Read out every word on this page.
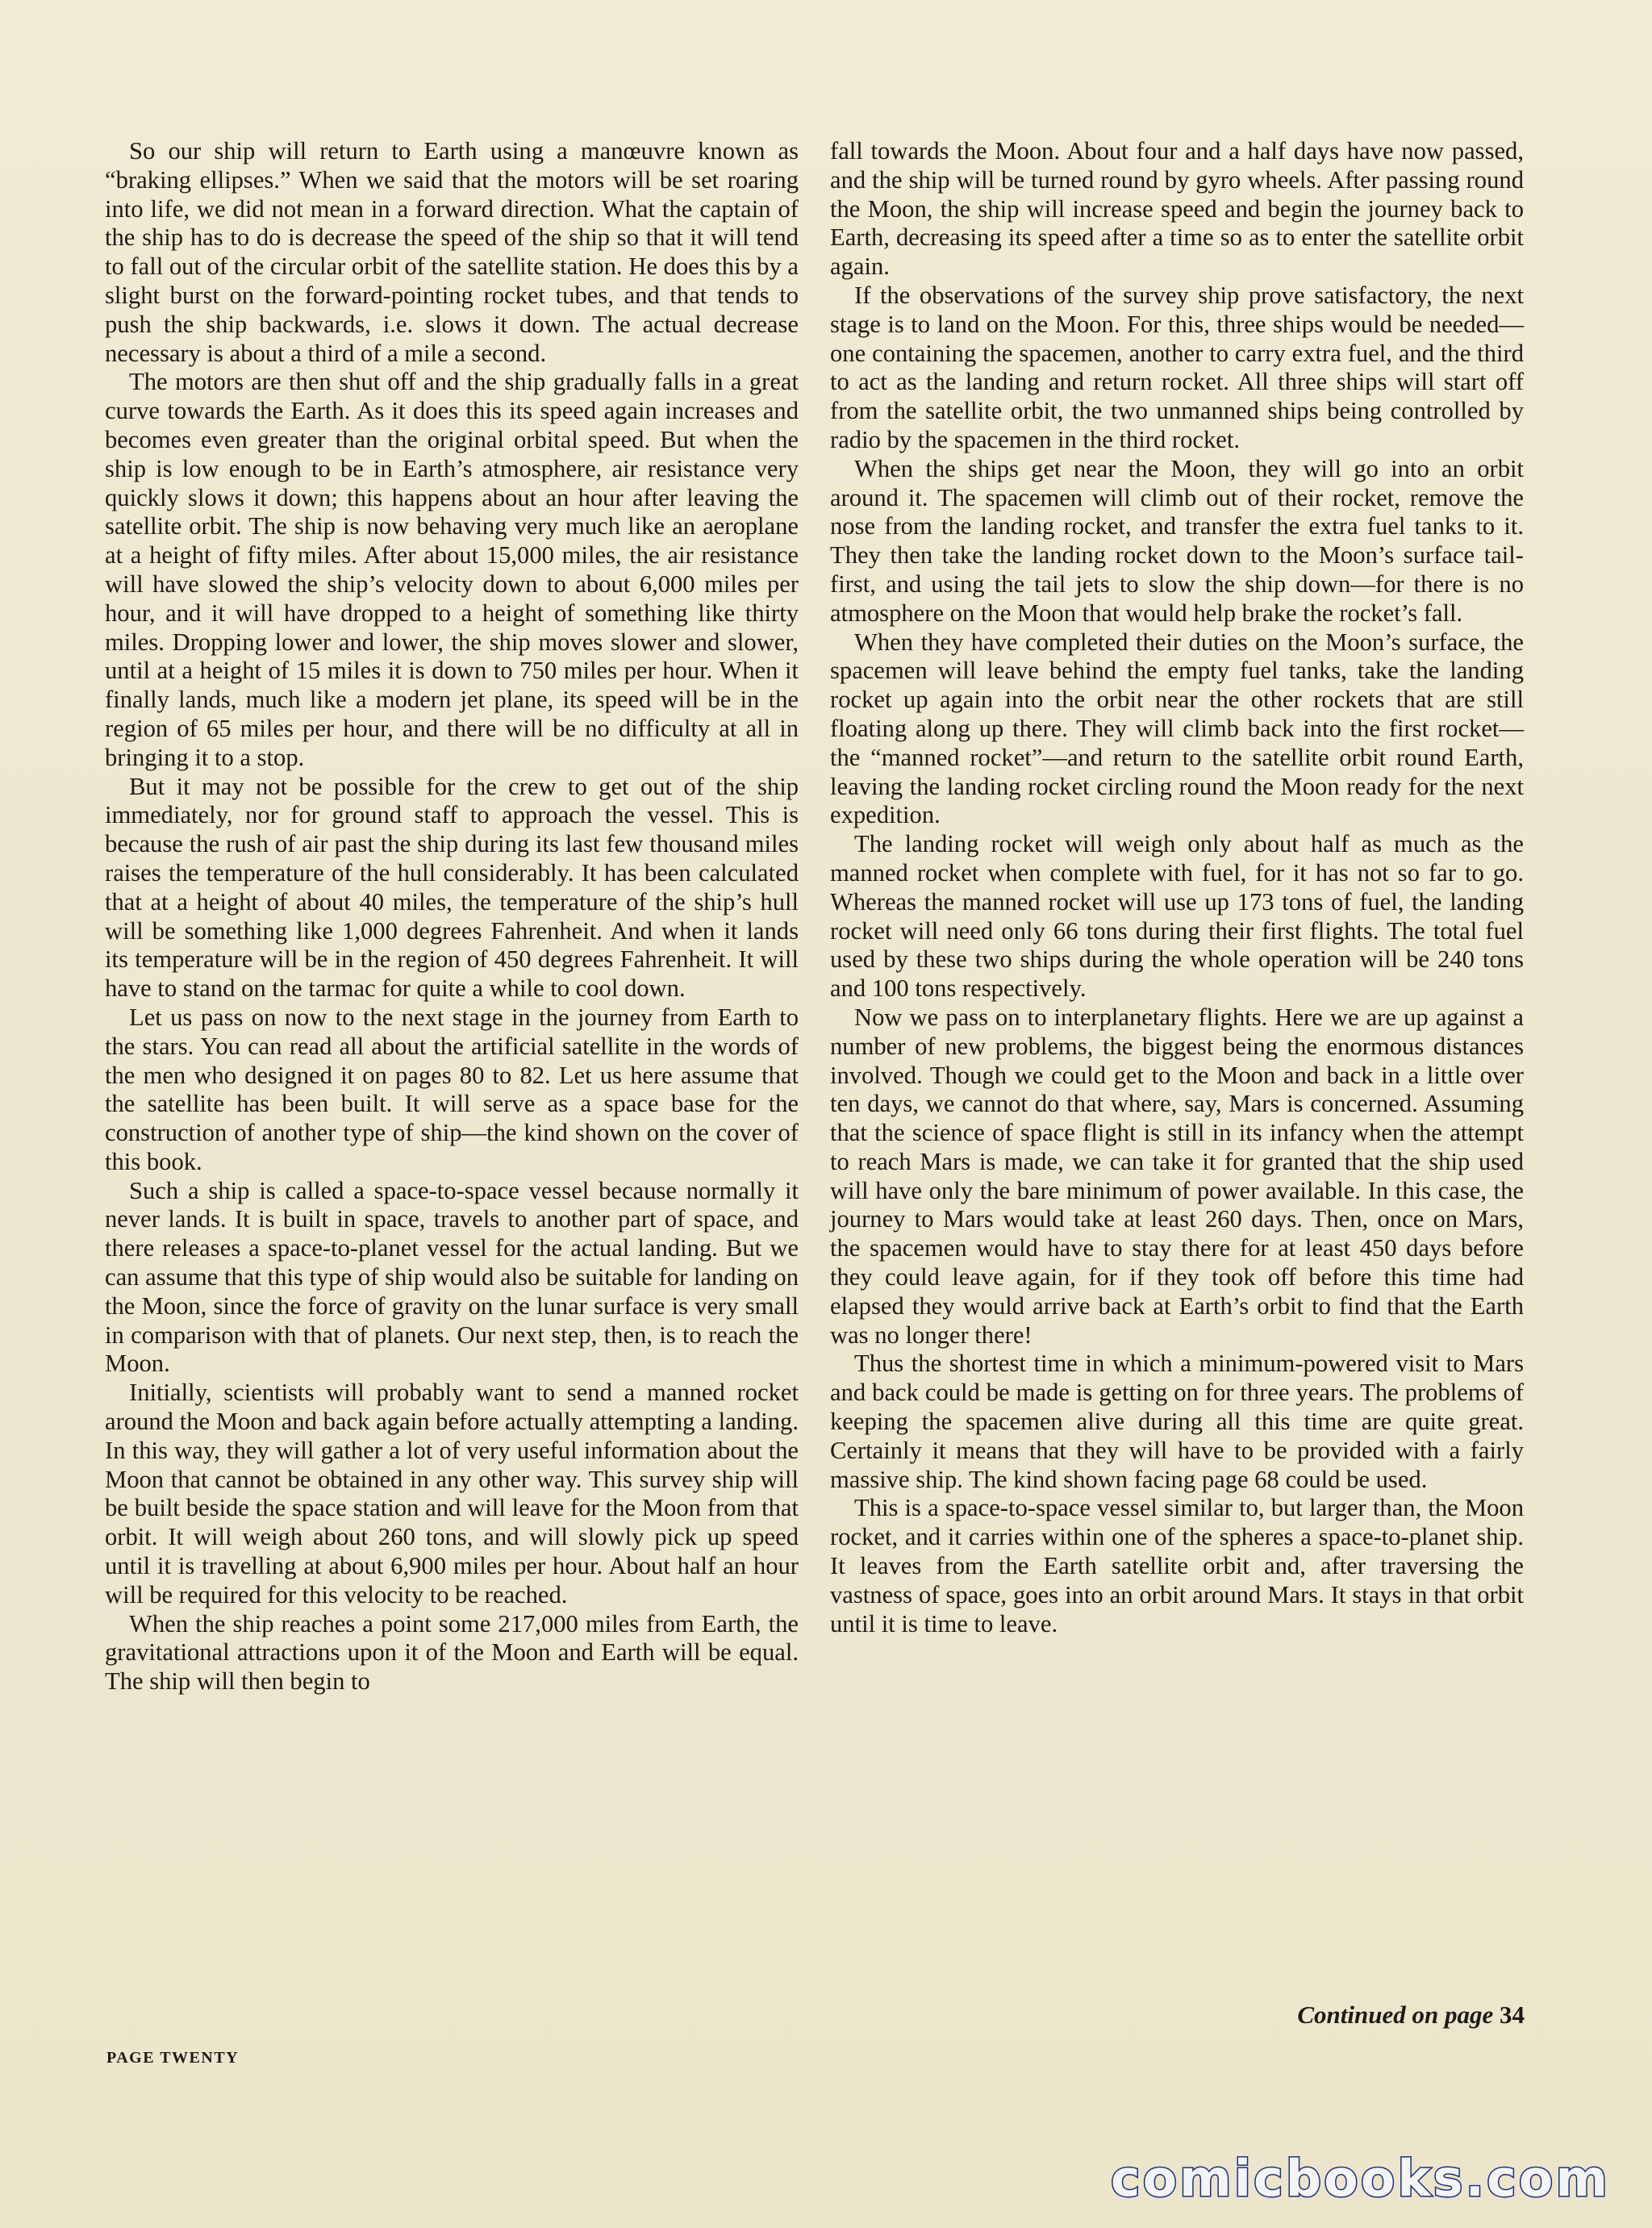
So our ship will return to Earth using a manœuvre known as “braking ellipses.” When we said that the motors will be set roaring into life, we did not mean in a forward direction. What the captain of the ship has to do is decrease the speed of the ship so that it will tend to fall out of the circular orbit of the satellite station. He does this by a slight burst on the forward-pointing rocket tubes, and that tends to push the ship backwards, i.e. slows it down. The actual decrease necessary is about a third of a mile a second.

The motors are then shut off and the ship gradually falls in a great curve towards the Earth. As it does this its speed again increases and becomes even greater than the original orbital speed. But when the ship is low enough to be in Earth’s atmosphere, air resistance very quickly slows it down; this happens about an hour after leaving the satellite orbit. The ship is now behaving very much like an aeroplane at a height of fifty miles. After about 15,000 miles, the air resistance will have slowed the ship’s velocity down to about 6,000 miles per hour, and it will have dropped to a height of something like thirty miles. Dropping lower and lower, the ship moves slower and slower, until at a height of 15 miles it is down to 750 miles per hour. When it finally lands, much like a modern jet plane, its speed will be in the region of 65 miles per hour, and there will be no difficulty at all in bringing it to a stop.

But it may not be possible for the crew to get out of the ship immediately, nor for ground staff to approach the vessel. This is because the rush of air past the ship during its last few thousand miles raises the temperature of the hull considerably. It has been calculated that at a height of about 40 miles, the temperature of the ship’s hull will be something like 1,000 degrees Fahrenheit. And when it lands its temperature will be in the region of 450 degrees Fahrenheit. It will have to stand on the tarmac for quite a while to cool down.

Let us pass on now to the next stage in the journey from Earth to the stars. You can read all about the artificial satellite in the words of the men who designed it on pages 80 to 82. Let us here assume that the satellite has been built. It will serve as a space base for the construction of another type of ship—the kind shown on the cover of this book.

Such a ship is called a space-to-space vessel because normally it never lands. It is built in space, travels to another part of space, and there releases a space-to-planet vessel for the actual landing. But we can assume that this type of ship would also be suitable for landing on the Moon, since the force of gravity on the lunar surface is very small in comparison with that of planets. Our next step, then, is to reach the Moon.

Initially, scientists will probably want to send a manned rocket around the Moon and back again before actually attempting a landing. In this way, they will gather a lot of very useful information about the Moon that cannot be obtained in any other way. This survey ship will be built beside the space station and will leave for the Moon from that orbit. It will weigh about 260 tons, and will slowly pick up speed until it is travelling at about 6,900 miles per hour. About half an hour will be required for this velocity to be reached.

When the ship reaches a point some 217,000 miles from Earth, the gravitational attractions upon it of the Moon and Earth will be equal. The ship will then begin to

fall towards the Moon. About four and a half days have now passed, and the ship will be turned round by gyro wheels. After passing round the Moon, the ship will increase speed and begin the journey back to Earth, decreasing its speed after a time so as to enter the satellite orbit again.

If the observations of the survey ship prove satisfactory, the next stage is to land on the Moon. For this, three ships would be needed—one containing the spacemen, another to carry extra fuel, and the third to act as the landing and return rocket. All three ships will start off from the satellite orbit, the two unmanned ships being controlled by radio by the spacemen in the third rocket.

When the ships get near the Moon, they will go into an orbit around it. The spacemen will climb out of their rocket, remove the nose from the landing rocket, and transfer the extra fuel tanks to it. They then take the landing rocket down to the Moon’s surface tail-first, and using the tail jets to slow the ship down—for there is no atmosphere on the Moon that would help brake the rocket’s fall.

When they have completed their duties on the Moon’s surface, the spacemen will leave behind the empty fuel tanks, take the landing rocket up again into the orbit near the other rockets that are still floating along up there. They will climb back into the first rocket—the “manned rocket”—and return to the satellite orbit round Earth, leaving the landing rocket circling round the Moon ready for the next expedition.

The landing rocket will weigh only about half as much as the manned rocket when complete with fuel, for it has not so far to go. Whereas the manned rocket will use up 173 tons of fuel, the landing rocket will need only 66 tons during their first flights. The total fuel used by these two ships during the whole operation will be 240 tons and 100 tons respectively.

Now we pass on to interplanetary flights. Here we are up against a number of new problems, the biggest being the enormous distances involved. Though we could get to the Moon and back in a little over ten days, we cannot do that where, say, Mars is concerned. Assuming that the science of space flight is still in its infancy when the attempt to reach Mars is made, we can take it for granted that the ship used will have only the bare minimum of power available. In this case, the journey to Mars would take at least 260 days. Then, once on Mars, the spacemen would have to stay there for at least 450 days before they could leave again, for if they took off before this time had elapsed they would arrive back at Earth’s orbit to find that the Earth was no longer there!

Thus the shortest time in which a minimum-powered visit to Mars and back could be made is getting on for three years. The problems of keeping the spacemen alive during all this time are quite great. Certainly it means that they will have to be provided with a fairly massive ship. The kind shown facing page 68 could be used.

This is a space-to-space vessel similar to, but larger than, the Moon rocket, and it carries within one of the spheres a space-to-planet ship. It leaves from the Earth satellite orbit and, after traversing the vastness of space, goes into an orbit around Mars. It stays in that orbit until it is time to leave.

Continued on page 34
PAGE TWENTY
comicbooks.com
